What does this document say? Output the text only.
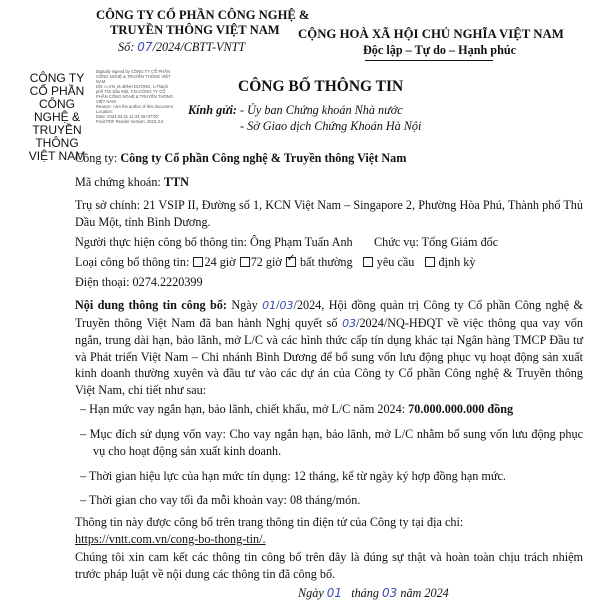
CÔNG TY CỔ PHẦN CÔNG NGHỆ &
TRUYỀN THÔNG VIỆT NAM
Số: 07/2024/CBTT-VNTT
CỘNG HOÀ XÃ HỘI CHỦ NGHĨA VIỆT NAM
Độc lập – Tự do – Hạnh phúc
CÔNG TY CỔ PHẦN CÔNG NGHỆ & TRUYỀN THÔNG VIỆT NAM
Digitally signed by CÔNG TY CỔ PHẦN CÔNG NGHỆ & TRUYỀN THÔNG VIỆT NAM
DN: c=VN, st=BÌNH DƯƠNG, l=Thành phố Thủ Dầu Một, CN=CÔNG TY CỔ PHẦN CÔNG NGHỆ & TRUYỀN THÔNG VIỆT NAM
Reason: I am the author of this document
Location:
Date: 2024.03.01 11:34:45+07'00'
Foxit PDF Reader Version: 2023.3.0
CÔNG BỐ THÔNG TIN
Kính gửi: - Ủy ban Chứng khoán Nhà nước
- Sở Giao dịch Chứng Khoán Hà Nội
Công ty: Công ty Cổ phần Công nghệ & Truyền thông Việt Nam
Mã chứng khoán: TTN
Trụ sở chính: 21 VSIP II, Đường số 1, KCN Việt Nam – Singapore 2, Phường Hòa Phú, Thành phố Thủ Dầu Một, tỉnh Bình Dương.
Người thực hiện công bố thông tin: Ông Phạm Tuấn Anh Chức vụ: Tổng Giám đốc
Loại công bố thông tin: 24 giờ 72 giờ ✓ bất thường yêu cầu định kỳ
Điện thoại: 0274.2220399
Nội dung thông tin công bố: Ngày 01/03/2024, Hội đồng quản trị Công ty Cổ phần Công nghệ & Truyền thông Việt Nam đã ban hành Nghị quyết số 03/2024/NQ-HĐQT về việc thông qua vay vốn ngắn, trung dài hạn, bảo lãnh, mở L/C và các hình thức cấp tín dụng khác tại Ngân hàng TMCP Đầu tư và Phát triển Việt Nam – Chi nhánh Bình Dương để bổ sung vốn lưu động phục vụ hoạt động sản xuất kinh doanh thường xuyên và đầu tư vào các dự án của Công ty Cổ phần Công nghệ & Truyền thông Việt Nam, chi tiết như sau:
– Hạn mức vay ngắn hạn, bảo lãnh, chiết khấu, mở L/C năm 2024: 70.000.000.000 đồng
– Mục đích sử dụng vốn vay: Cho vay ngắn hạn, bảo lãnh, mở L/C nhằm bổ sung vốn lưu động phục vụ cho hoạt động sản xuất kinh doanh.
– Thời gian hiệu lực của hạn mức tín dụng: 12 tháng, kể từ ngày ký hợp đồng hạn mức.
– Thời gian cho vay tối đa mỗi khoản vay: 08 tháng/món.
Thông tin này được công bố trên trang thông tin điện tử của Công ty tại địa chỉ:
https://vntt.com.vn/cong-bo-thong-tin/.
Chúng tôi xin cam kết các thông tin công bố trên đây là đúng sự thật và hoàn toàn chịu trách nhiệm trước pháp luật về nội dung các thông tin đã công bố.
Ngày 01 tháng 03 năm 2024
